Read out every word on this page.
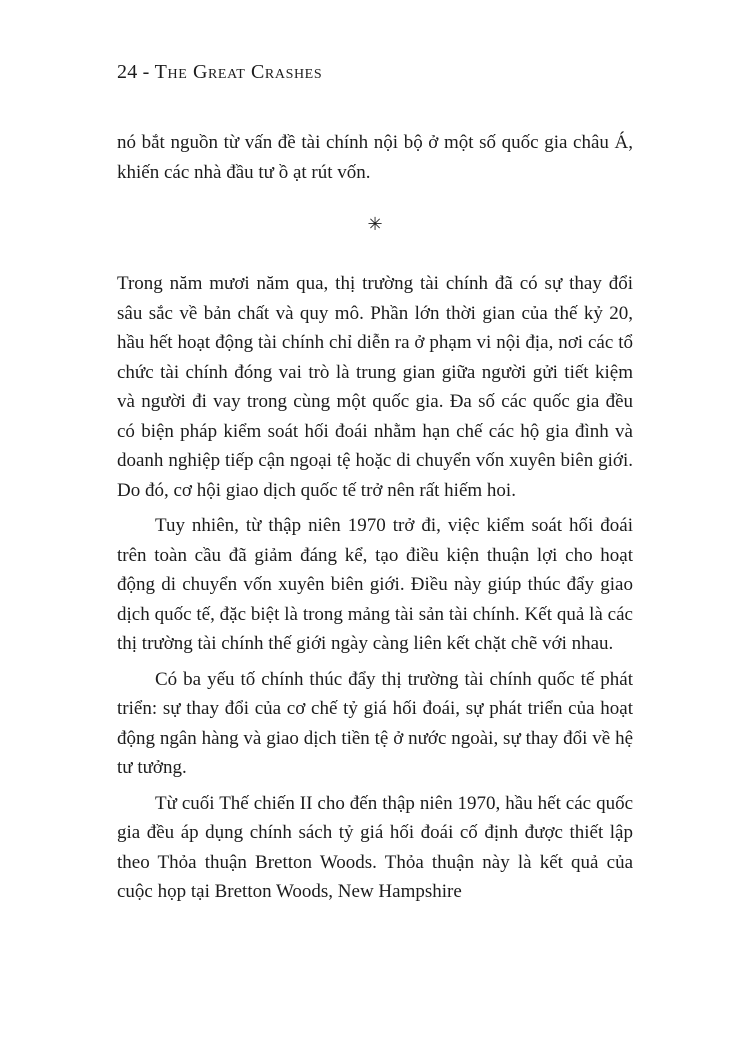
24 - The Great Crashes

nó bắt nguồn từ vấn đề tài chính nội bộ ở một số quốc gia châu Á, khiến các nhà đầu tư ồ ạt rút vốn.

✳

Trong năm mươi năm qua, thị trường tài chính đã có sự thay đổi sâu sắc về bản chất và quy mô. Phần lớn thời gian của thế kỷ 20, hầu hết hoạt động tài chính chỉ diễn ra ở phạm vi nội địa, nơi các tổ chức tài chính đóng vai trò là trung gian giữa người gửi tiết kiệm và người đi vay trong cùng một quốc gia. Đa số các quốc gia đều có biện pháp kiểm soát hối đoái nhằm hạn chế các hộ gia đình và doanh nghiệp tiếp cận ngoại tệ hoặc di chuyển vốn xuyên biên giới. Do đó, cơ hội giao dịch quốc tế trở nên rất hiếm hoi.

Tuy nhiên, từ thập niên 1970 trở đi, việc kiểm soát hối đoái trên toàn cầu đã giảm đáng kể, tạo điều kiện thuận lợi cho hoạt động di chuyển vốn xuyên biên giới. Điều này giúp thúc đẩy giao dịch quốc tế, đặc biệt là trong mảng tài sản tài chính. Kết quả là các thị trường tài chính thế giới ngày càng liên kết chặt chẽ với nhau.

Có ba yếu tố chính thúc đẩy thị trường tài chính quốc tế phát triển: sự thay đổi của cơ chế tỷ giá hối đoái, sự phát triển của hoạt động ngân hàng và giao dịch tiền tệ ở nước ngoài, sự thay đổi về hệ tư tưởng.

Từ cuối Thế chiến II cho đến thập niên 1970, hầu hết các quốc gia đều áp dụng chính sách tỷ giá hối đoái cố định được thiết lập theo Thỏa thuận Bretton Woods. Thỏa thuận này là kết quả của cuộc họp tại Bretton Woods, New Hampshire
